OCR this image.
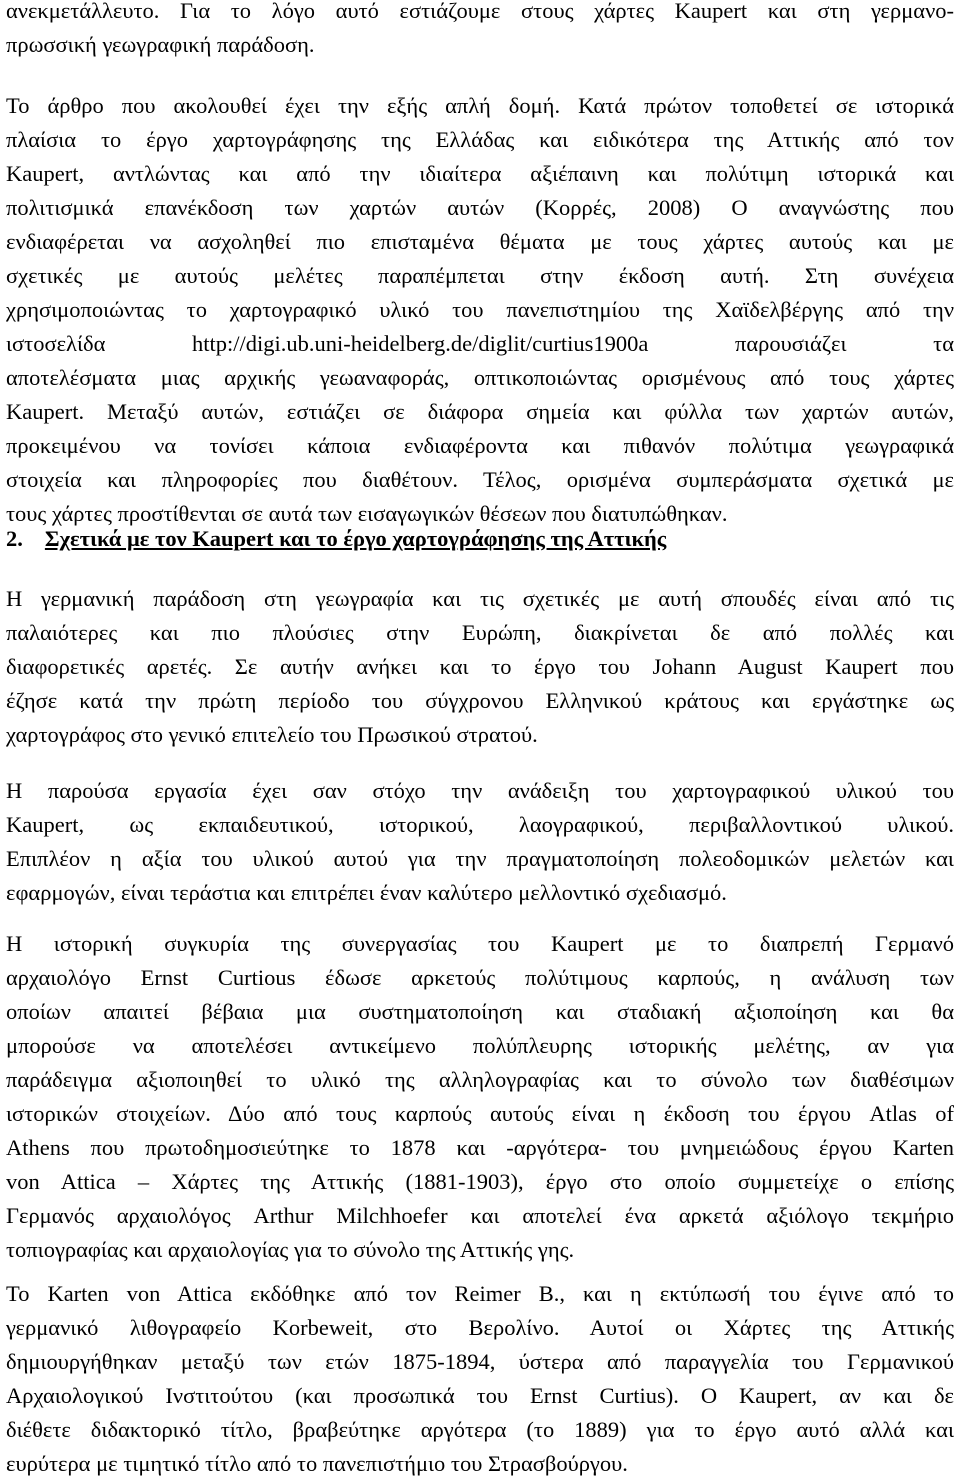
ανεκμετάλλευτο. Για το λόγο αυτό εστιάζουμε στους χάρτες Kaupert και στη γερμανο-
πρωσσική γεωγραφική παράδοση.
Το άρθρο που ακολουθεί έχει την εξής απλή δομή. Κατά πρώτον τοποθετεί σε ιστορικά
πλαίσια το έργο χαρτογράφησης της Ελλάδας και ειδικότερα της Αττικής από τον
Kaupert, αντλώντας και από την ιδιαίτερα αξιέπαινη και πολύτιμη ιστορικά και
πολιτισμικά επανέκδοση των χαρτών αυτών (Κορρές, 2008) Ο αναγνώστης που
ενδιαφέρεται να ασχοληθεί πιο επισταμένα θέματα με τους χάρτες αυτούς και με
σχετικές με αυτούς μελέτες παραπέμπεται στην έκδοση αυτή. Στη συνέχεια
χρησιμοποιώντας το χαρτογραφικό υλικό του πανεπιστημίου της Χαϊδελβέργης από την
ιστοσελίδα http://digi.ub.uni-heidelberg.de/diglit/curtius1900a παρουσιάζει τα
αποτελέσματα μιας αρχικής γεωαναφοράς, οπτικοποιώντας ορισμένους από τους χάρτες
Kaupert. Μεταξύ αυτών, εστιάζει σε διάφορα σημεία και φύλλα των χαρτών αυτών,
προκειμένου να τονίσει κάποια ενδιαφέροντα και πιθανόν πολύτιμα γεωγραφικά
στοιχεία και πληροφορίες που διαθέτουν. Τέλος, ορισμένα συμπεράσματα σχετικά με
τους χάρτες προστίθενται σε αυτά των εισαγωγικών θέσεων που διατυπώθηκαν.
2. Σχετικά με τον Kaupert και το έργο χαρτογράφησης της Αττικής
Η γερμανική παράδοση στη γεωγραφία και τις σχετικές με αυτή σπουδές είναι από τις
παλαιότερες και πιο πλούσιες στην Ευρώπη, διακρίνεται δε από πολλές και
διαφορετικές αρετές. Σε αυτήν ανήκει και το έργο του Johann August Kaupert που
έζησε κατά την πρώτη περίοδο του σύγχρονου Ελληνικού κράτους και εργάστηκε ως
χαρτογράφος στο γενικό επιτελείο του Πρωσικού στρατού.
Η παρούσα εργασία έχει σαν στόχο την ανάδειξη του χαρτογραφικού υλικού του
Kaupert, ως εκπαιδευτικού, ιστορικού, λαογραφικού, περιβαλλοντικού υλικού.
Επιπλέον η αξία του υλικού αυτού για την πραγματοποίηση πολεοδομικών μελετών και
εφαρμογών, είναι τεράστια και επιτρέπει έναν καλύτερο μελλοντικό σχεδιασμό.
Η ιστορική συγκυρία της συνεργασίας του Kaupert με το διαπρεπή Γερμανό
αρχαιολόγο Ernst Curtious έδωσε αρκετούς πολύτιμους καρπούς, η ανάλυση των
οποίων απαιτεί βέβαια μια συστηματοποίηση και σταδιακή αξιοποίηση και θα
μπορούσε να αποτελέσει αντικείμενο πολύπλευρης ιστορικής μελέτης, αν για
παράδειγμα αξιοποιηθεί το υλικό της αλληλογραφίας και το σύνολο των διαθέσιμων
ιστορικών στοιχείων. Δύο από τους καρπούς αυτούς είναι η έκδοση του έργου Atlas of
Athens που πρωτοδημοσιεύτηκε το 1878 και -αργότερα- του μνημειώδους έργου Karten
von Attica – Χάρτες της Αττικής (1881-1903), έργο στο οποίο συμμετείχε ο επίσης
Γερμανός αρχαιολόγος Arthur Milchhoefer και αποτελεί ένα αρκετά αξιόλογο τεκμήριο
τοπιογραφίας και αρχαιολογίας για το σύνολο της Αττικής γης.
Το Karten von Attica εκδόθηκε από τον Reimer B., και η εκτύπωσή του έγινε από το
γερμανικό λιθογραφείο Korbeweit, στο Βερολίνο. Αυτοί οι Χάρτες της Αττικής
δημιουργήθηκαν μεταξύ των ετών 1875-1894, ύστερα από παραγγελία του Γερμανικού
Αρχαιολογικού Ινστιτούτου (και προσωπικά του Ernst Curtius). Ο Kaupert, αν και δε
διέθετε διδακτορικό τίτλο, βραβεύτηκε αργότερα (το 1889) για το έργο αυτό αλλά και
ευρύτερα με τιμητικό τίτλο από το πανεπιστήμιο του Στρασβούργου.
